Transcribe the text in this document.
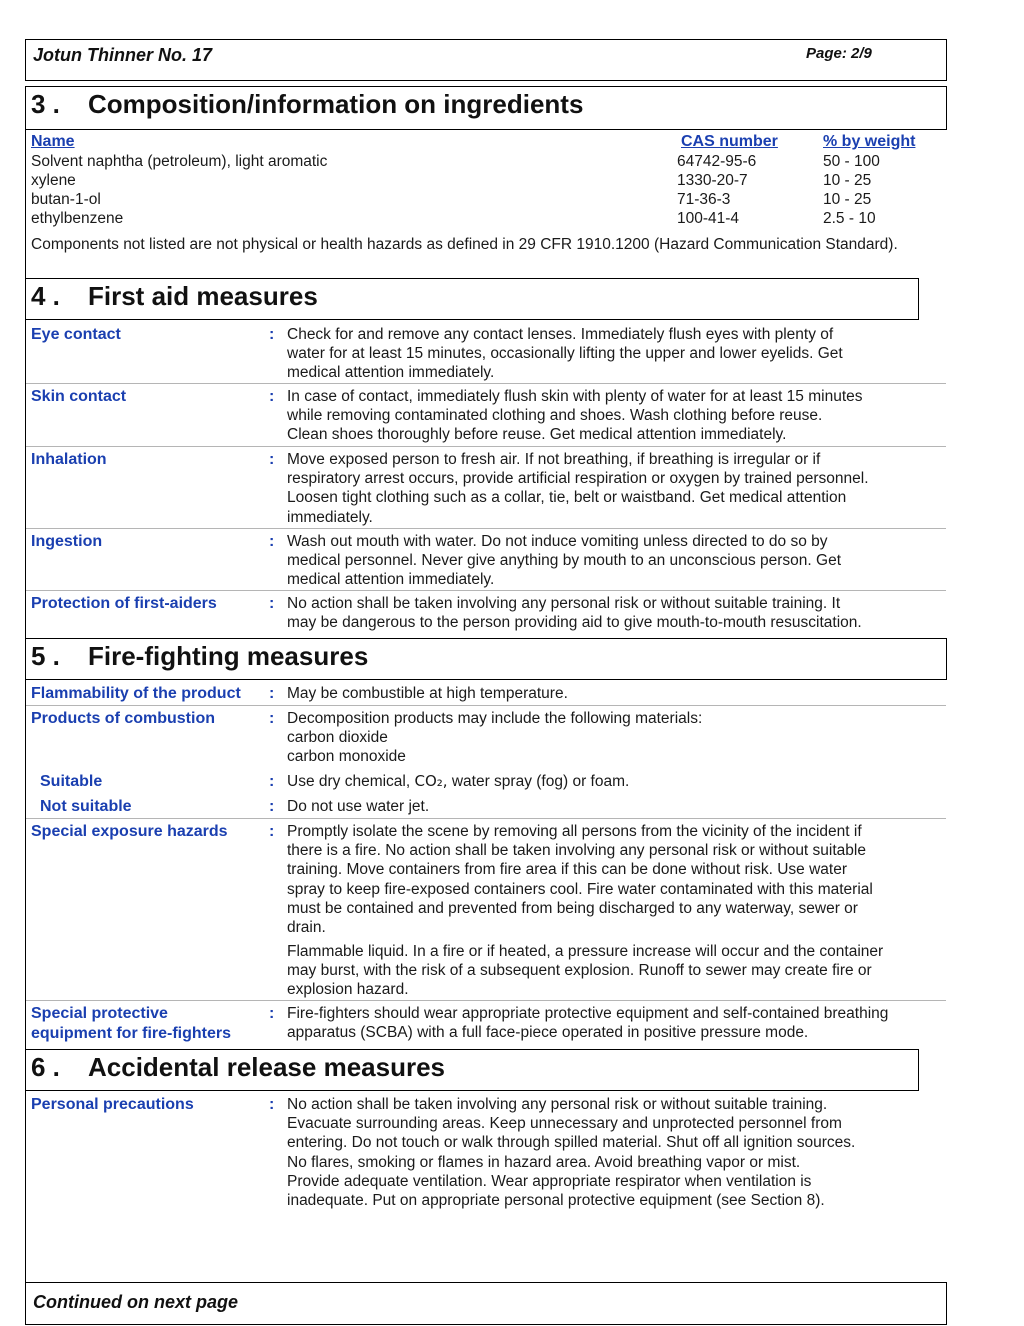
Jotun Thinner No. 17	Page: 2/9
3 . Composition/information on ingredients
Name	CAS number	% by weight
Solvent naphtha (petroleum), light aromatic	64742-95-6	50 - 100
xylene	1330-20-7	10 - 25
butan-1-ol	71-36-3	10 - 25
ethylbenzene	100-41-4	2.5 - 10
Components not listed are not physical or health hazards as defined in 29 CFR 1910.1200 (Hazard Communication Standard).
4 . First aid measures
Eye contact	: Check for and remove any contact lenses. Immediately flush eyes with plenty of
water for at least 15 minutes, occasionally lifting the upper and lower eyelids. Get
medical attention immediately.
Skin contact	: In case of contact, immediately flush skin with plenty of water for at least 15 minutes
while removing contaminated clothing and shoes. Wash clothing before reuse.
Clean shoes thoroughly before reuse. Get medical attention immediately.
Inhalation	: Move exposed person to fresh air. If not breathing, if breathing is irregular or if
respiratory arrest occurs, provide artificial respiration or oxygen by trained personnel.
Loosen tight clothing such as a collar, tie, belt or waistband. Get medical attention
immediately.
Ingestion	: Wash out mouth with water. Do not induce vomiting unless directed to do so by
medical personnel. Never give anything by mouth to an unconscious person. Get
medical attention immediately.
Protection of first-aiders	: No action shall be taken involving any personal risk or without suitable training. It
may be dangerous to the person providing aid to give mouth-to-mouth resuscitation.
5 . Fire-fighting measures
Flammability of the product : May be combustible at high temperature.
Products of combustion	: Decomposition products may include the following materials:
carbon dioxide
carbon monoxide
Suitable	: Use dry chemical, CO₂, water spray (fog) or foam.
Not suitable	: Do not use water jet.
Special exposure hazards	: Promptly isolate the scene by removing all persons from the vicinity of the incident if
there is a fire. No action shall be taken involving any personal risk or without suitable
training. Move containers from fire area if this can be done without risk. Use water
spray to keep fire-exposed containers cool. Fire water contaminated with this material
must be contained and prevented from being discharged to any waterway, sewer or
drain.
Flammable liquid. In a fire or if heated, a pressure increase will occur and the container
may burst, with the risk of a subsequent explosion. Runoff to sewer may create fire or
explosion hazard.
Special protective
equipment for fire-fighters
: Fire-fighters should wear appropriate protective equipment and self-contained breathing
apparatus (SCBA) with a full face-piece operated in positive pressure mode.
6 . Accidental release measures
Personal precautions	: No action shall be taken involving any personal risk or without suitable training.
Evacuate surrounding areas. Keep unnecessary and unprotected personnel from
entering. Do not touch or walk through spilled material. Shut off all ignition sources.
No flares, smoking or flames in hazard area. Avoid breathing vapor or mist.
Provide adequate ventilation. Wear appropriate respirator when ventilation is
inadequate. Put on appropriate personal protective equipment (see Section 8).
Continued on next page
